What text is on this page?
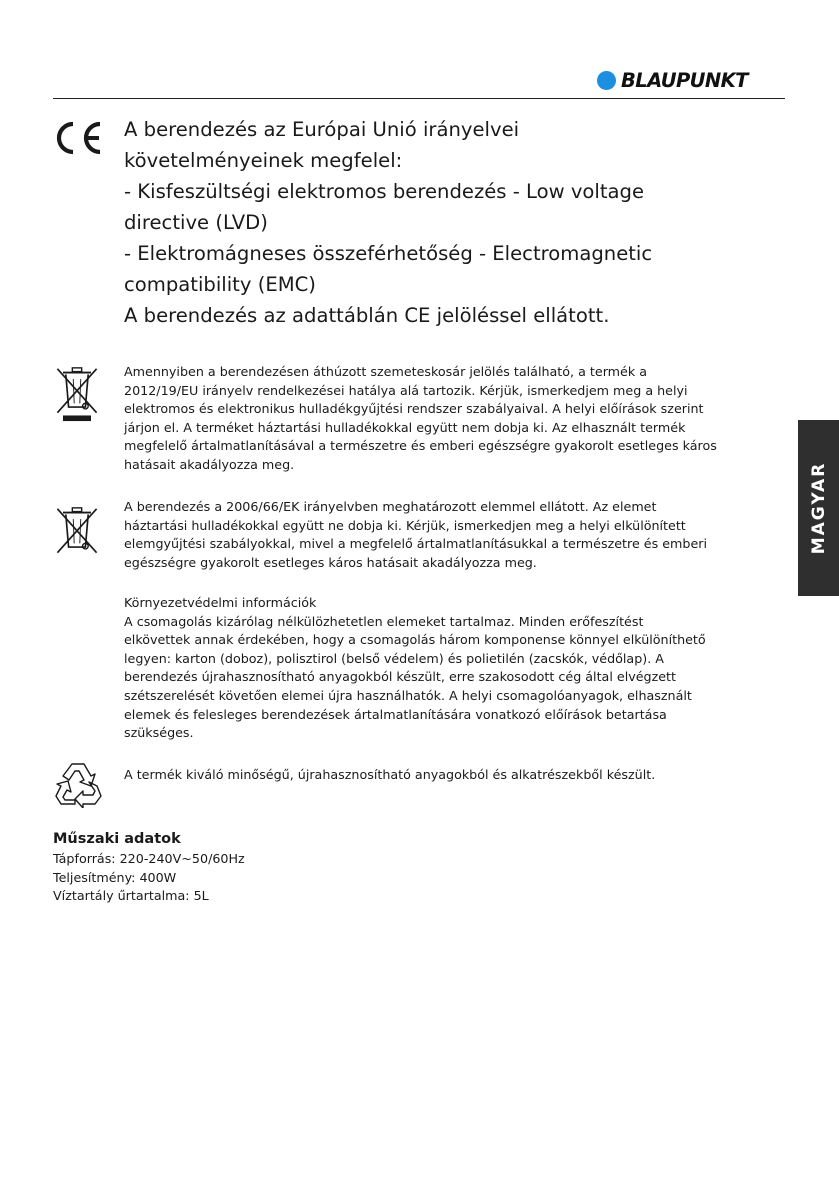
BLAUPUNKT
A berendezés az Európai Unió irányelvei
követelményeinek megfelel:
- Kisfeszültségi elektromos berendezés - Low voltage
directive (LVD)
- Elektromágneses összeférhetőség - Electromagnetic
compatibility (EMC)
A berendezés az adattáblán CE jelöléssel ellátott.
Amennyiben a berendezésen áthúzott szemeteskosár jelölés található, a termék a
2012/19/EU irányelv rendelkezései hatálya alá tartozik. Kérjük, ismerkedjem meg a helyi
elektromos és elektronikus hulladékgyűjtési rendszer szabályaival. A helyi előírások szerint
járjon el. A terméket háztartási hulladékokkal együtt nem dobja ki. Az elhasznált termék
megfelelő ártalmatlanításával a természetre és emberi egészségre gyakorolt esetleges káros
hatásait akadályozza meg.
A berendezés a 2006/66/EK irányelvben meghatározott elemmel ellátott. Az elemet
háztartási hulladékokkal együtt ne dobja ki. Kérjük, ismerkedjen meg a helyi elkülönített
elemgyűjtési szabályokkal, mivel a megfelelő ártalmatlanításukkal a természetre és emberi
egészségre gyakorolt esetleges káros hatásait akadályozza meg.
Környezetvédelmi információk
A csomagolás kizárólag nélkülözhetetlen elemeket tartalmaz. Minden erőfeszítést
elkövettek annak érdekében, hogy a csomagolás három komponense könnyel elkülöníthető
legyen: karton (doboz), polisztirol (belső védelem) és polietilén (zacskók, védőlap). A
berendezés újrahasznosítható anyagokból készült, erre szakosodott cég által elvégzett
szétszerelését követően elemei újra használhatók. A helyi csomagolóanyagok, elhasznált
elemek és felesleges berendezések ártalmatlanítására vonatkozó előírások betartása
szükséges.
A termék kiváló minőségű, újrahasznosítható anyagokból és alkatrészekből készült.
Műszaki adatok
Tápforrás: 220-240V~50/60Hz
Teljesítmény: 400W
Víztartály űrtartalma: 5L
MAGYAR
